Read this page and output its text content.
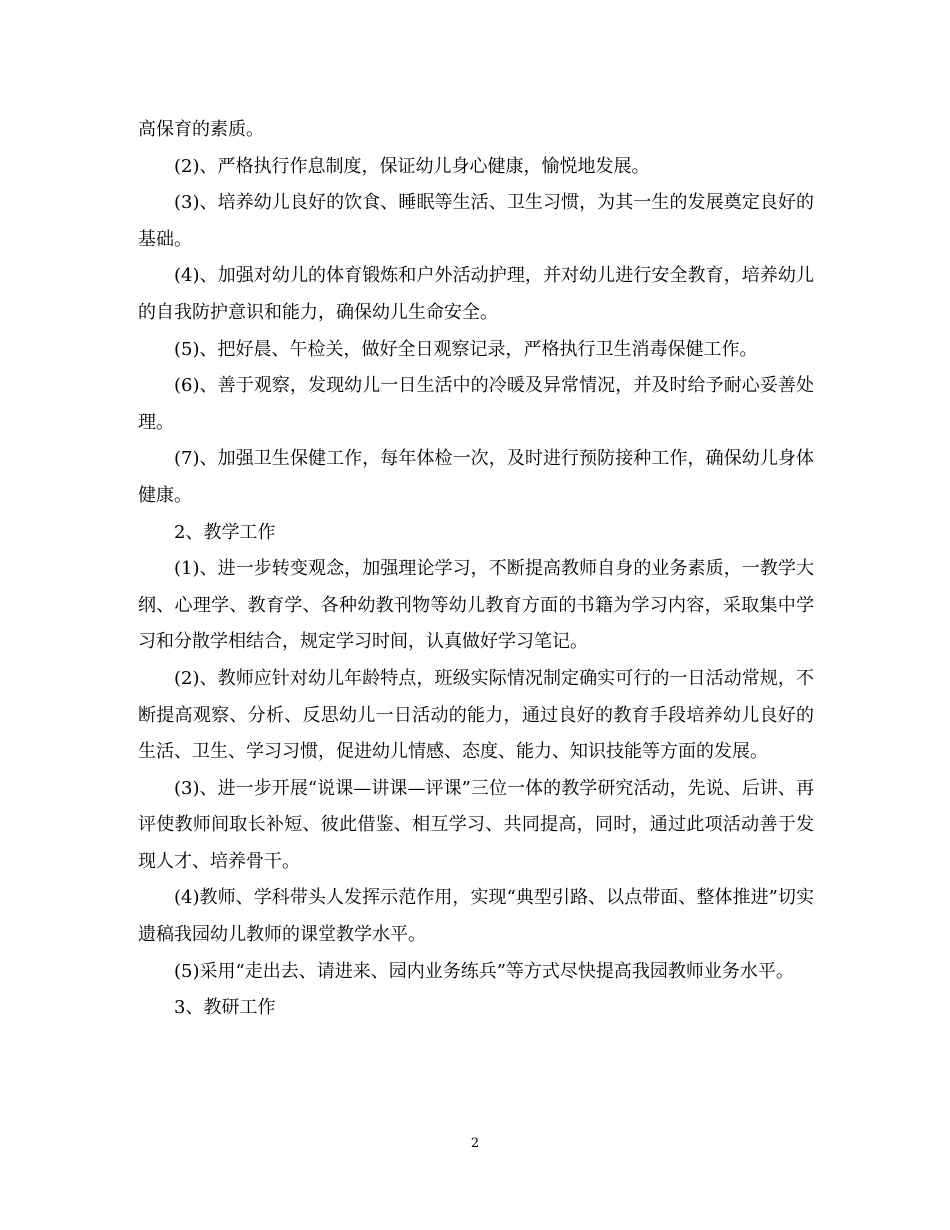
高保育的素质。

(2)、严格执行作息制度，保证幼儿身心健康，愉悦地发展。

(3)、培养幼儿良好的饮食、睡眠等生活、卫生习惯，为其一生的发展奠定良好的基础。

(4)、加强对幼儿的体育锻炼和户外活动护理，并对幼儿进行安全教育，培养幼儿的自我防护意识和能力，确保幼儿生命安全。

(5)、把好晨、午检关，做好全日观察记录，严格执行卫生消毒保健工作。

(6)、善于观察，发现幼儿一日生活中的冷暖及异常情况，并及时给予耐心妥善处理。

(7)、加强卫生保健工作，每年体检一次，及时进行预防接种工作，确保幼儿身体健康。

2、教学工作

(1)、进一步转变观念，加强理论学习，不断提高教师自身的业务素质，一教学大纲、心理学、教育学、各种幼教刊物等幼儿教育方面的书籍为学习内容，采取集中学习和分散学相结合，规定学习时间，认真做好学习笔记。

(2)、教师应针对幼儿年龄特点，班级实际情况制定确实可行的一日活动常规，不断提高观察、分析、反思幼儿一日活动的能力，通过良好的教育手段培养幼儿良好的生活、卫生、学习习惯，促进幼儿情感、态度、能力、知识技能等方面的发展。

(3)、进一步开展“说课—讲课—评课”三位一体的教学研究活动，先说、后讲、再评使教师间取长补短、彼此借鉴、相互学习、共同提高，同时，通过此项活动善于发现人才、培养骨干。

(4)教师、学科带头人发挥示范作用，实现“典型引路、以点带面、整体推进”切实遗稿我园幼儿教师的课堂教学水平。

(5)采用“走出去、请进来、园内业务练兵”等方式尽快提高我园教师业务水平。

3、教研工作

2
